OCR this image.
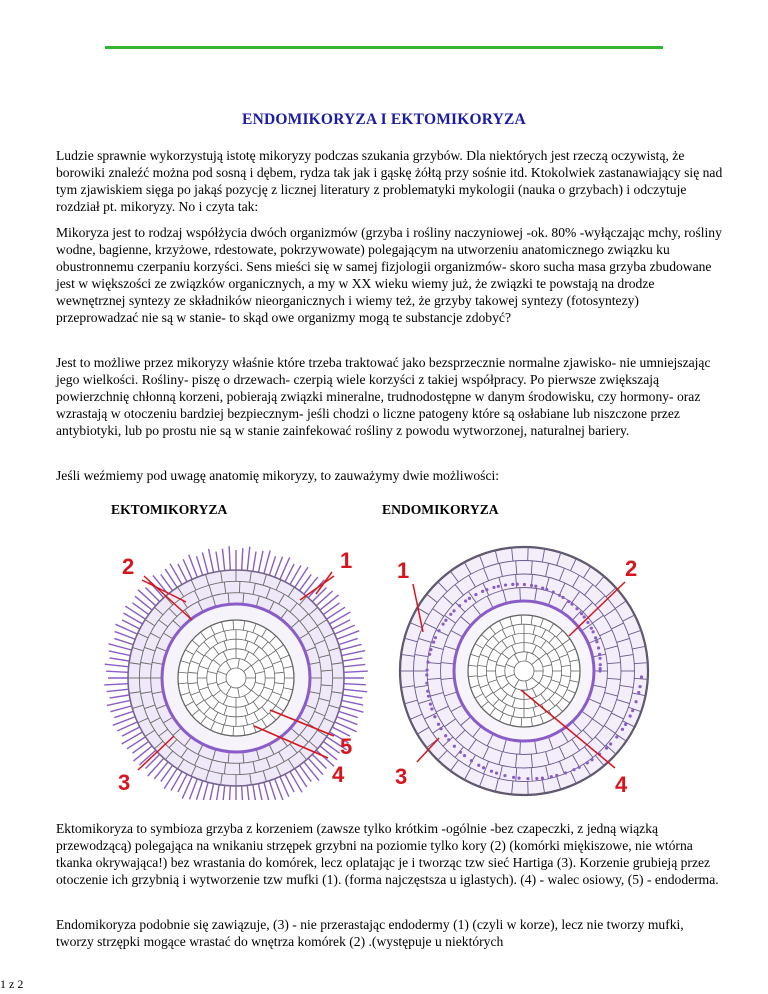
ENDOMIKORYZA I EKTOMIKORYZA

Ludzie sprawnie wykorzystują istotę mikoryzy podczas szukania grzybów. Dla niektórych jest rzeczą oczywistą, że borowiki znaleźć można pod sosną i dębem, rydza tak jak i gąskę żółtą przy sośnie itd. Ktokolwiek zastanawiający się nad tym zjawiskiem sięga po jakąś pozycję z licznej literatury z problematyki mykologii (nauka o grzybach) i odczytuje rozdział pt. mikoryzy. No i czyta tak:

Mikoryza jest to rodzaj współżycia dwóch organizmów (grzyba i rośliny naczyniowej -ok. 80% -wyłączając mchy, rośliny wodne, bagienne, krzyżowe, rdestowate, pokrzywowate) polegającym na utworzeniu anatomicznego związku ku obustronnemu czerpaniu korzyści. Sens mieści się w samej fizjologii organizmów- skoro sucha masa grzyba zbudowane jest w większości ze związków organicznych, a my w XX wieku wiemy już, że związki te powstają na drodze wewnętrznej syntezy ze składników nieorganicznych i wiemy też, że grzyby takowej syntezy (fotosyntezy) przeprowadzać nie są w stanie- to skąd owe organizmy mogą te substancje zdobyć?

Jest to możliwe przez mikoryzy właśnie które trzeba traktować jako bezsprzecznie normalne zjawisko- nie umniejszając jego wielkości. Rośliny- piszę o drzewach- czerpią wiele korzyści z takiej współpracy. Po pierwsze zwiększają powierzchnię chłonną korzeni, pobierają związki mineralne, trudnodostępne w danym środowisku, czy hormony- oraz wzrastają w otoczeniu bardziej bezpiecznym- jeśli chodzi o liczne patogeny które są osłabiane lub niszczone przez antybiotyki, lub po prostu nie są w stanie zainfekować rośliny z powodu wytworzonej, naturalnej bariery.

Jeśli weźmiemy pod uwagę anatomię mikoryzy, to zauważymy dwie możliwości:

EKTOMIKORYZA	ENDOMIKORYZA
2	1
3
5
4
1	2
3	4

Ektomikoryza to symbioza grzyba z korzeniem (zawsze tylko krótkim -ogólnie -bez czapeczki, z jedną wiązką przewodzącą) polegająca na wnikaniu strzępek grzybni na poziomie tylko kory (2) (komórki miękiszowe, nie wtórna tkanka okrywająca!) bez wrastania do komórek, lecz oplatając je i tworząc tzw sieć Hartiga (3). Korzenie grubieją przez otoczenie ich grzybnią i wytworzenie tzw mufki (1). (forma najczęstsza u iglastych). (4) - walec osiowy, (5) - endoderma.

Endomikoryza podobnie się zawiązuje, (3) - nie przerastając endodermy (1) (czyli w korze), lecz nie tworzy mufki, tworzy strzępki mogące wrastać do wnętrza komórek (2) .(występuje u niektórych

1 z 2
